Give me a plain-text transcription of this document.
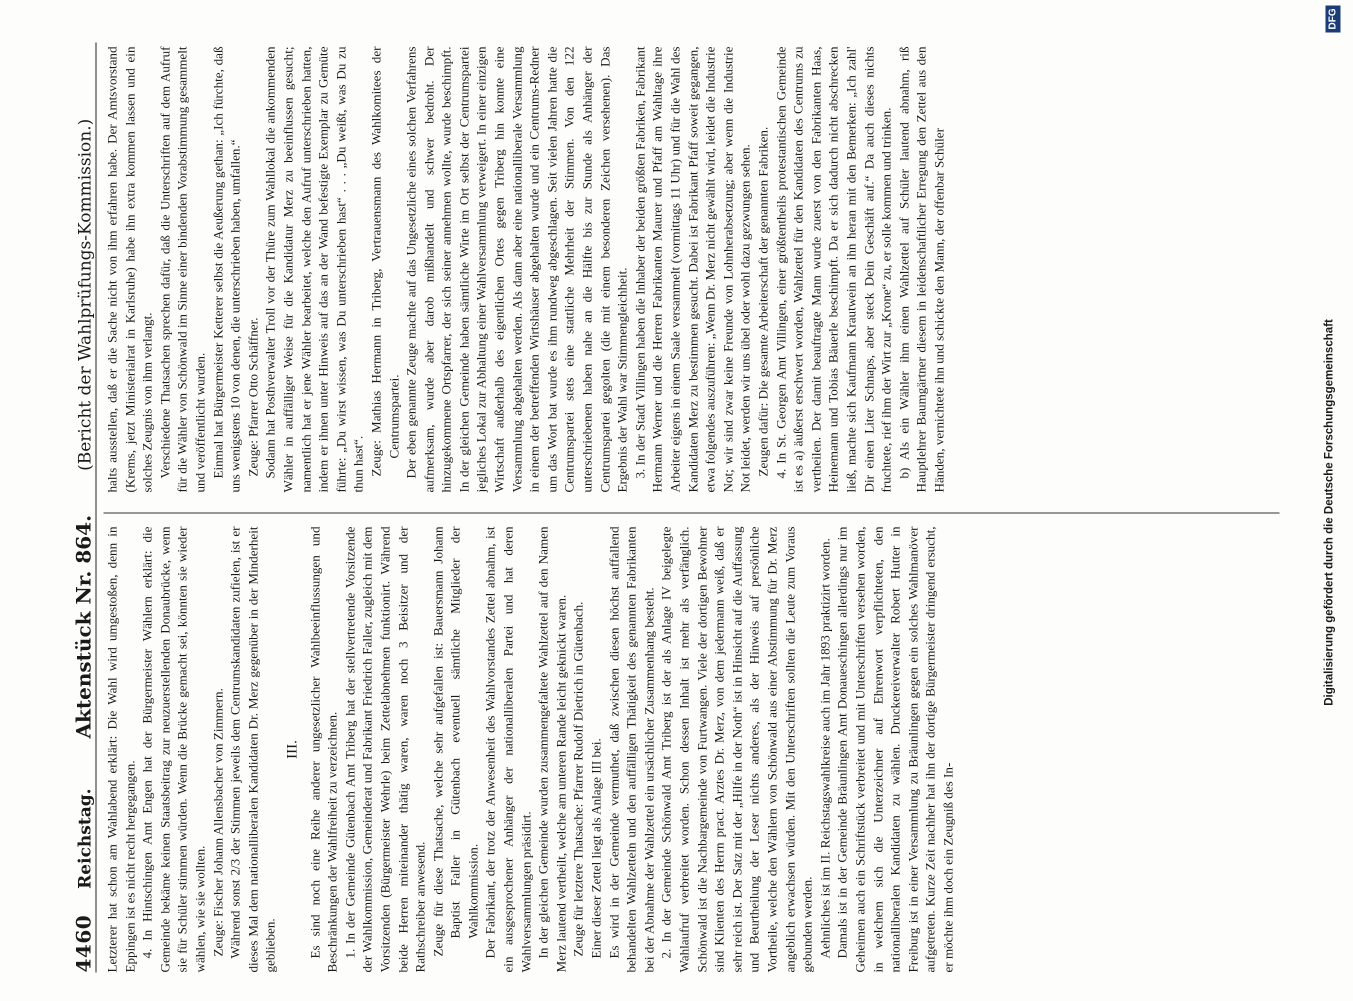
4460
Reichstag.
Aktenstück Nr. 864.
(Bericht der Wahlprüfungs-Kommission.)

Letzterer hat schon am Wahlabend erklärt: Die Wahl wird umgestoßen, denn in Eppingen ist es nicht recht hergegangen. 4. In Hintschingen Amt Engen hat der Bürgermeister Wählern erklärt: die Gemeinde bekäme keinen Staatsbeitrag zur neuzuerstellenden Donaubrücke, wenn sie für Schüler stimmen würden. Wenn die Brücke gemacht sei, könnten sie wieder wählen, wie sie wollten. Zeuge: Fischer Johann Allensbacher von Zimmern. Während sonst 2/3 der Stimmen jeweils dem Centrumskandidaten zufielen, ist er dieses Mal dem nationalliberalen Kandidaten Dr. Merz gegenüber in der Minderheit geblieben.

III. Es sind noch eine Reihe anderer ungesetzlicher Wahlbeeinflussungen und Beschränkungen der Wahlfreiheit zu verzeichnen. 1. In der Gemeinde Gütenbach Amt Triberg hat der stellvertretende Vorsitzende der Wahlkommission, Gemeinderat und Fabrikant Friedrich Faller, zugleich mit dem Vorsitzenden (Bürgermeister Wehrle) beim Zettelabnehmen funktionirt. Während beide Herren miteinander thätig waren, waren noch 3 Beisitzer und der Rathschreiber anwesend. Zeuge für diese Thatsache, welche sehr aufgefallen ist: Bauersmann Johann Baptist Faller in Gütenbach eventuell sämtliche Mitglieder der Wahlkommission. Der Fabrikant, der trotz der Anwesenheit des Wahlvorstandes Zettel abnahm, ist ein ausgesprochener Anhänger der nationalliberalen Partei und hat deren Wahlversammlungen präsidirt. In der gleichen Gemeinde wurden zusammengefaltete Wahlzettel auf den Namen Merz lautend vertheilt, welche am unteren Rande leicht geknickt waren. Zeuge für letztere Thatsache: Pfarrer Rudolf Dietrich in Gütenbach. Einer dieser Zettel liegt als Anlage III bei. Es wird in der Gemeinde vermuthet, daß zwischen diesen höchst auffallend behandelten Wahlzetteln und den auffälligen Thätigkeit des genannten Fabrikanten bei der Abnahme der Wahlzettel ein ursächlicher Zusammenhang besteht. 2. In der Gemeinde Schönwald Amt Triberg ist der als Anlage IV beigelegte Wahlaufruf verbreitet worden. Schon dessen Inhalt ist mehr als verfänglich. Schönwald ist die Nachbargemeinde von Furtwangen. Viele der dortigen Bewohner sind Klienten des Herrn pract. Arztes Dr. Merz, von dem jedermann weiß, daß er sehr reich ist. Der Satz mit der „Hilfe in der Noth“ ist in Hinsicht auf die Auffassung und Beurtheilung der Leser nichts anderes, als der Hinweis auf persönliche Vortheile, welche den Wählern von Schönwald aus einer Abstimmung für Dr. Merz angeblich erwachsen würden. Mit den Unterschriften sollten die Leute zum Voraus gebunden werden. Aehnliches ist im II. Reichstagswahlkreise auch im Jahr 1893 praktizirt worden. Damals ist in der Gemeinde Bräunlingen Amt Donaueschingen allerdings nur im Geheimen auch ein Schriftstück verbreitet und mit Unterschriften versehen worden, in welchem sich die Unterzeichner auf Ehrenwort verpflichteten, den nationalliberalen Kandidaten zu wählen. Druckereiverwalter Robert Hutter in Freiburg ist in einer Versammlung zu Bräunlingen gegen ein solches Wahlmanöver aufgetreten. Kurze Zeit nachher hat ihn der dortige Bürgermeister dringend ersucht, er möchte ihm doch ein Zeugniß des In-

halts ausstellen, daß er die Sache nicht von ihm erfahren habe. Der Amtsvorstand (Krems, jetzt Ministerialrat in Karlsruhe) habe ihn extra kommen lassen und ein solches Zeugnis von ihm verlangt. Verschiedene Thatsachen sprechen dafür, daß die Unterschriften auf dem Aufruf für die Wähler von Schönwald im Sinne einer bindenden Vorabstimmung gesammelt und veröffentlicht wurden. Einmal hat Bürgermeister Ketterer selbst die Aeußerung gethan: „Ich fürchte, daß uns wenigstens 10 von denen, die unterschrieben haben, umfallen.“ Zeuge: Pfarrer Otto Schäffner. Sodann hat Posthverwalter Troll vor der Thüre zum Wahllokal die ankommenden Wähler in auffälliger Weise für die Kandidatur Merz zu beeinflussen gesucht; namentlich hat er jene Wähler bearbeitet, welche den Aufruf unterschrieben hatten, indem er ihnen unter Hinweis auf das an der Wand befestigte Exemplar zu Gemüte führte: „Du wirst wissen, was Du unterschrieben hast“ . . . „Du weißt, was Du zu thun hast“. Zeuge: Mathias Hermann in Triberg, Vertrauensmann des Wahlkomitees der Centrumspartei. Der eben genannte Zeuge machte auf das Ungesetzliche eines solchen Verfahrens aufmerksam, wurde aber darob mißhandelt und schwer bedroht. Der hinzugekommene Ortspfarrer, der sich seiner annehmen wollte, wurde beschimpft. In der gleichen Gemeinde haben sämtliche Wirte im Ort selbst der Centrumspartei jegliches Lokal zur Abhaltung einer Wahlversammlung verweigert. In einer einzigen Wirtschaft außerhalb des eigentlichen Ortes gegen Triberg hin konnte eine Versammlung abgehalten werden. Als dann aber eine nationalliberale Versammlung in einem der betreffenden Wirtshäuser abgehalten wurde und ein Centrums-Redner um das Wort bat wurde es ihm rundweg abgeschlagen. Seit vielen Jahren hatte die Centrumspartei stets eine stattliche Mehrheit der Stimmen. Von den 122 unterschriebenen haben nahe an die Hälfte bis zur Stunde als Anhänger der Centrumspartei gegolten (die mit einem besonderen Zeichen versehenen). Das Ergebnis der Wahl war Stimmengleichheit. 3. In der Stadt Villingen haben die Inhaber der beiden größten Fabriken, Fabrikant Hermann Werner und die Herren Fabrikanten Maurer und Pfaff am Wahltage ihre Arbeiter eigens in einem Saale versammelt (vormittags 11 Uhr) und für die Wahl des Kandidaten Merz zu bestimmen gesucht. Dabei ist Fabrikant Pfaff soweit gegangen, etwa folgendes auszuführen: „Wenn Dr. Merz nicht gewählt wird, leidet die Industrie Not; wir sind zwar keine Freunde von Lohnherabsetzung; aber wenn die Industrie Not leidet, werden wir uns übel oder wohl dazu gezwungen sehen. Zeugen dafür: Die gesamte Arbeiterschaft der genannten Fabriken. 4. In St. Georgen Amt Villingen, einer größtentheils protestantischen Gemeinde ist es a) äußerst erschwert worden, Wahlzettel für den Kandidaten des Centrums zu vertheilen. Der damit beauftragte Mann wurde zuerst von den Fabrikanten Haas, Heinemann und Tobias Bäuerle beschimpft. Da er sich dadurch nicht abschrecken ließ, machte sich Kaufmann Krautwein an ihn heran mit den Bemerken: „Ich zahl' Dir einen Liter Schnaps, aber steck Dein Geschäft auf.“ Da auch dieses nichts fruchtete, rief ihm der Wirt zur „Krone“ zu, er solle kommen und trinken. b) Als ein Wähler ihm einen Wahlzettel auf Schüler lautend abnahm, riß Hauptlehrer Baumgärtner diesem in leidenschaftlicher Erregung den Zettel aus den Händen, vernichtete ihn und schickte den Mann, der offenbar Schüler

Digitalisierung gefördert durch die Deutsche Forschungsgemeinschaft
DFG
